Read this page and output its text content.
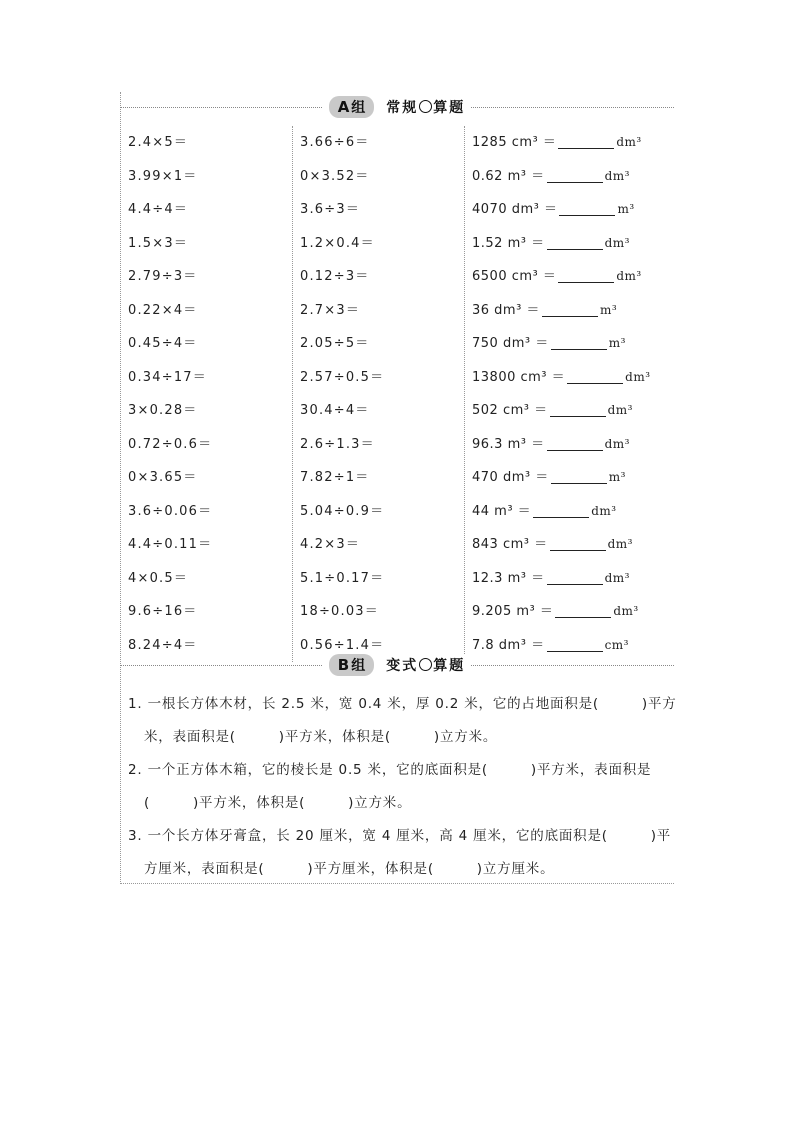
A 组 常规 算题
2.4×5＝	3.66÷6＝	1285 cm³ ＝	dm³
3.99×1＝	0×3.52＝	0.62 m³ ＝	dm³
4.4÷4＝	3.6÷3＝	4070 dm³ ＝	m³
1.5×3＝	1.2×0.4＝	1.52 m³ ＝	dm³
2.79÷3＝	0.12÷3＝	6500 cm³ ＝	dm³
0.22×4＝	2.7×3＝	36 dm³ ＝	m³
0.45÷4＝	2.05÷5＝	750 dm³ ＝	m³
0.34÷17＝	2.57÷0.5＝	13800 cm³ ＝	dm³
3×0.28＝	30.4÷4＝	502 cm³ ＝	dm³
0.72÷0.6＝	2.6÷1.3＝	96.3 m³ ＝	dm³
0×3.65＝	7.82÷1＝	470 dm³ ＝	m³
3.6÷0.06＝	5.04÷0.9＝	44 m³ ＝	dm³
4.4÷0.11＝	4.2×3＝	843 cm³ ＝	dm³
4×0.5＝	5.1÷0.17＝	12.3 m³ ＝	dm³
9.6÷16＝	18÷0.03＝	9.205 m³ ＝	dm³
8.24÷4＝	0.56÷1.4＝	7.8 dm³ ＝	cm³
B 组 变式 算题

1. 一根长方体木材，长 2.5 米，宽 0.4 米，厚 0.2 米，它的占地面积是(　　　)平方

米，表面积是(　　　)平方米，体积是(　　　)立方米。

2. 一个正方体木箱，它的棱长是 0.5 米，它的底面积是(　　　)平方米，表面积是

(　　　)平方米，体积是(　　　)立方米。

3. 一个长方体牙膏盒，长 20 厘米，宽 4 厘米，高 4 厘米，它的底面积是(　　　)平

方厘米，表面积是(　　　)平方厘米，体积是(　　　)立方厘米。
